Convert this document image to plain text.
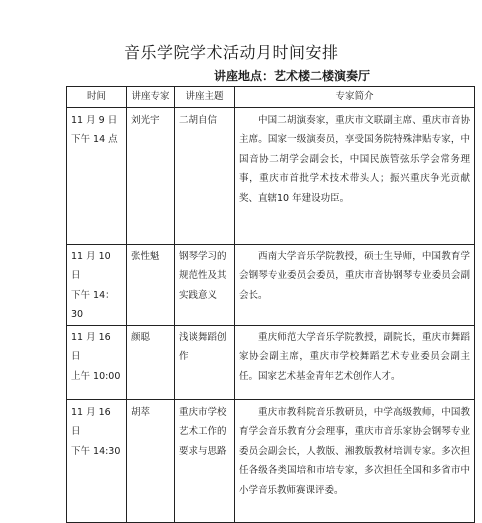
音乐学院学术活动月时间安排
讲座地点：艺术楼二楼演奏厅
时间	讲座专家	讲座主题	专家简介

11 月 9 日
下午 14 点	刘光宇	二胡自信	中国二胡演奏家，重庆市文联副主席、重庆市音协主席。国家一级演奏员，享受国务院特殊津贴专家，中国音协二胡学会副会长，中国民族管弦乐学会常务理事，重庆市首批学术技术带头人；振兴重庆争光贡献奖、直辖10 年建设功臣。

11 月 10 日
下午 14：30	张性魁	钢琴学习的规范性及其实践意义	西南大学音乐学院教授，硕士生导师，中国教育学会钢琴专业委员会委员，重庆市音协钢琴专业委员会副会长。

11 月 16 日
上午 10:00	颜聪	浅谈舞蹈创作	重庆师范大学音乐学院教授，副院长，重庆市舞蹈家协会副主席，重庆市学校舞蹈艺术专业委员会副主任。国家艺术基金青年艺术创作人才。

11 月 16 日
下午 14:30	胡萃	重庆市学校艺术工作的要求与思路	重庆市教科院音乐教研员，中学高级教师，中国教育学会音乐教育分会理事，重庆市音乐家协会钢琴专业委员会副会长，人教版、湘教版教材培训专家。多次担任各级各类国培和市培专家，多次担任全国和多省市中小学音乐教师赛课评委。
